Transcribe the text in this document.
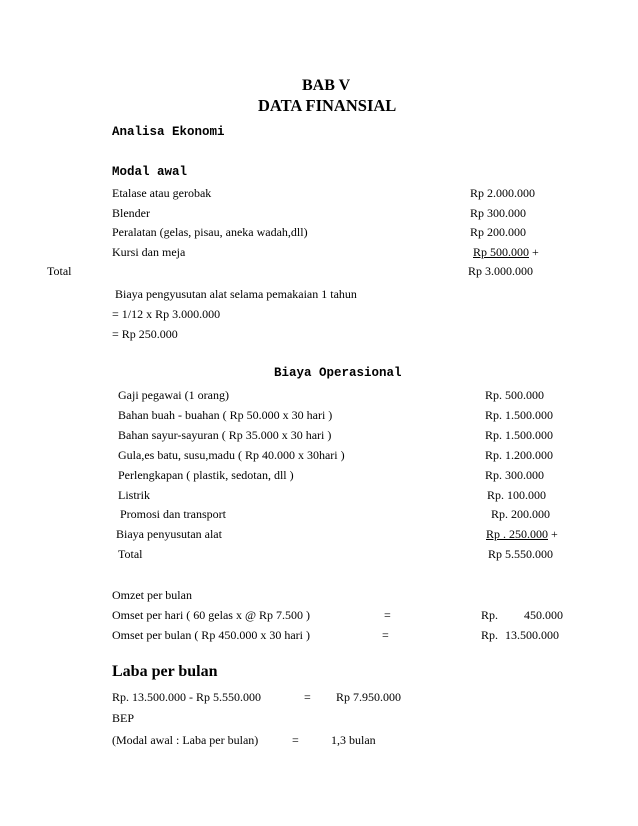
BAB V
DATA FINANSIAL
Analisa Ekonomi
Modal awal
Etalase atau gerobak	Rp 2.000.000
Blender	Rp 300.000
Peralatan (gelas, pisau, aneka wadah,dll)	Rp 200.000
Kursi dan meja	Rp 500.000 +
Total	Rp 3.000.000
Biaya pengyusutan alat selama pemakaian 1 tahun
= 1/12 x Rp 3.000.000
= Rp 250.000
Biaya Operasional
Gaji pegawai (1 orang)	Rp. 500.000
Bahan buah - buahan ( Rp 50.000 x 30 hari )	Rp. 1.500.000
Bahan sayur-sayuran ( Rp 35.000 x 30 hari )	Rp. 1.500.000
Gula,es batu, susu,madu ( Rp 40.000 x 30hari )	Rp. 1.200.000
Perlengkapan ( plastik, sedotan, dll )	Rp. 300.000
Listrik	Rp. 100.000
Promosi dan transport	Rp. 200.000
Biaya penyusutan alat	Rp . 250.000 +
Total	Rp 5.550.000
Omzet per bulan
Omset per hari ( 60 gelas x @ Rp 7.500 )	=	Rp. 450.000
Omset per bulan ( Rp 450.000 x 30 hari )	=	Rp. 13.500.000
Laba per bulan
Rp. 13.500.000 - Rp 5.550.000	= Rp 7.950.000
BEP
(Modal awal : Laba per bulan)	=	1,3 bulan
